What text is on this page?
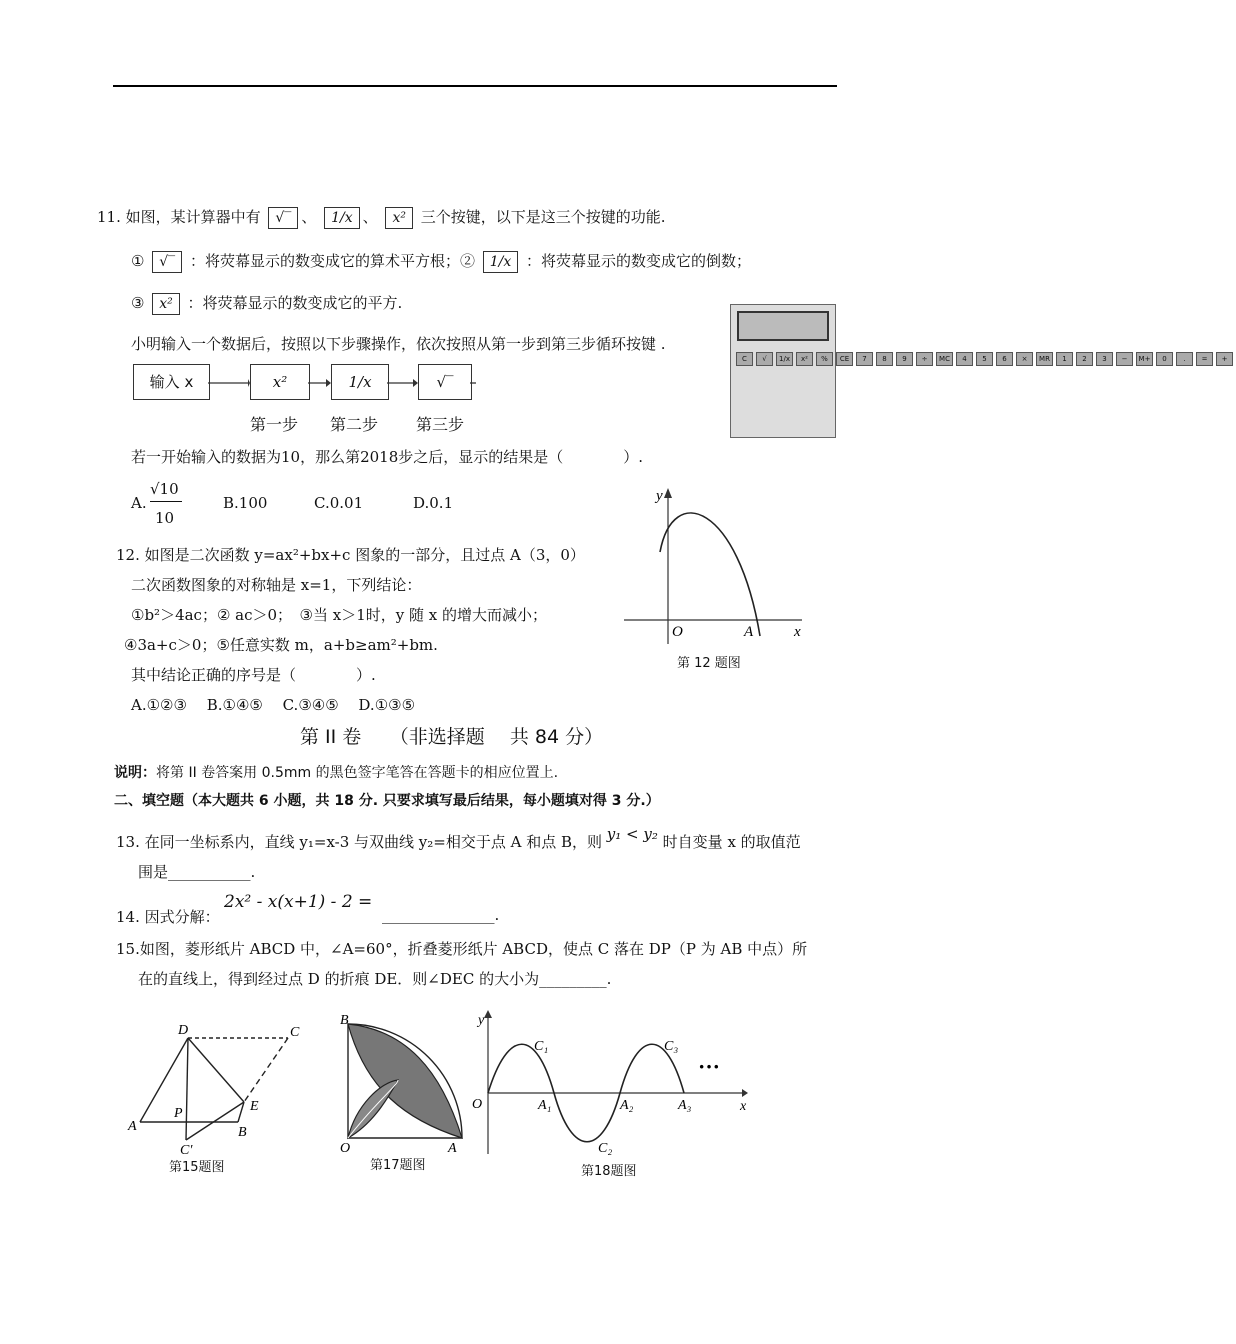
11. 如图，某计算器中有 √‾ 、 1/x 、 x² 三个按键，以下是这三个按键的功能.
① √‾ ：将荧幕显示的数变成它的算术平方根；② 1/x ：将荧幕显示的数变成它的倒数；
③ x² ：将荧幕显示的数变成它的平方.
小明输入一个数据后，按照以下步骤操作，依次按照从第一步到第三步循环按键 .
输入 x	x²	1/x	√‾
第一步 第二步 第三步
C √ 1/x x² % CE 7 8 9 ÷ MC 4 5 6 × MR 1 2 3 − M+ 0 . = +
若一开始输入的数据为10，那么第2018步之后，显示的结果是（　　　　）.
A.
√10
10
B.100	C.0.01	D.0.1
12. 如图是二次函数 y=ax²+bx+c 图象的一部分，且过点 A（3，0）
二次函数图象的对称轴是 x=1，下列结论：
①b²＞4ac；② ac＞0；　③当 x＞1时，y 随 x 的增大而减小；
④3a+c＞0；⑤任意实数 m，a+b≥am²+bm.
其中结论正确的序号是（　　　　）.
A.①②③　 B.①④⑤　 C.③④⑤　 D.①③⑤
y
x
O	A
第 12 题图
第 II 卷　　（非选择题　 共 84 分）
说明：将第 II 卷答案用 0.5mm 的黑色签字笔答在答题卡的相应位置上.
二、填空题（本大题共 6 小题，共 18 分. 只要求填写最后结果，每小题填对得 3 分.）
13. 在同一坐标系内，直线 y₁=x-3 与双曲线 y₂=相交于点 A 和点 B，则 y₁ < y₂ 时自变量 x 的取值范
围是___________.
14. 因式分解：
2x² - x(x+1) - 2 =
_______________.
15.如图，菱形纸片 ABCD 中，∠A=60°，折叠菱形纸片 ABCD，使点 C 落在 DP（P 为 AB 中点）所
在的直线上，得到经过点 D 的折痕 DE．则∠DEC 的大小为_________.
D	C
A
P
B
E
C′
第15题图
B
O	A
第17题图
y
x
O	A₁	A₂	A₃
C₁
C₂
C₃
···
第18题图
